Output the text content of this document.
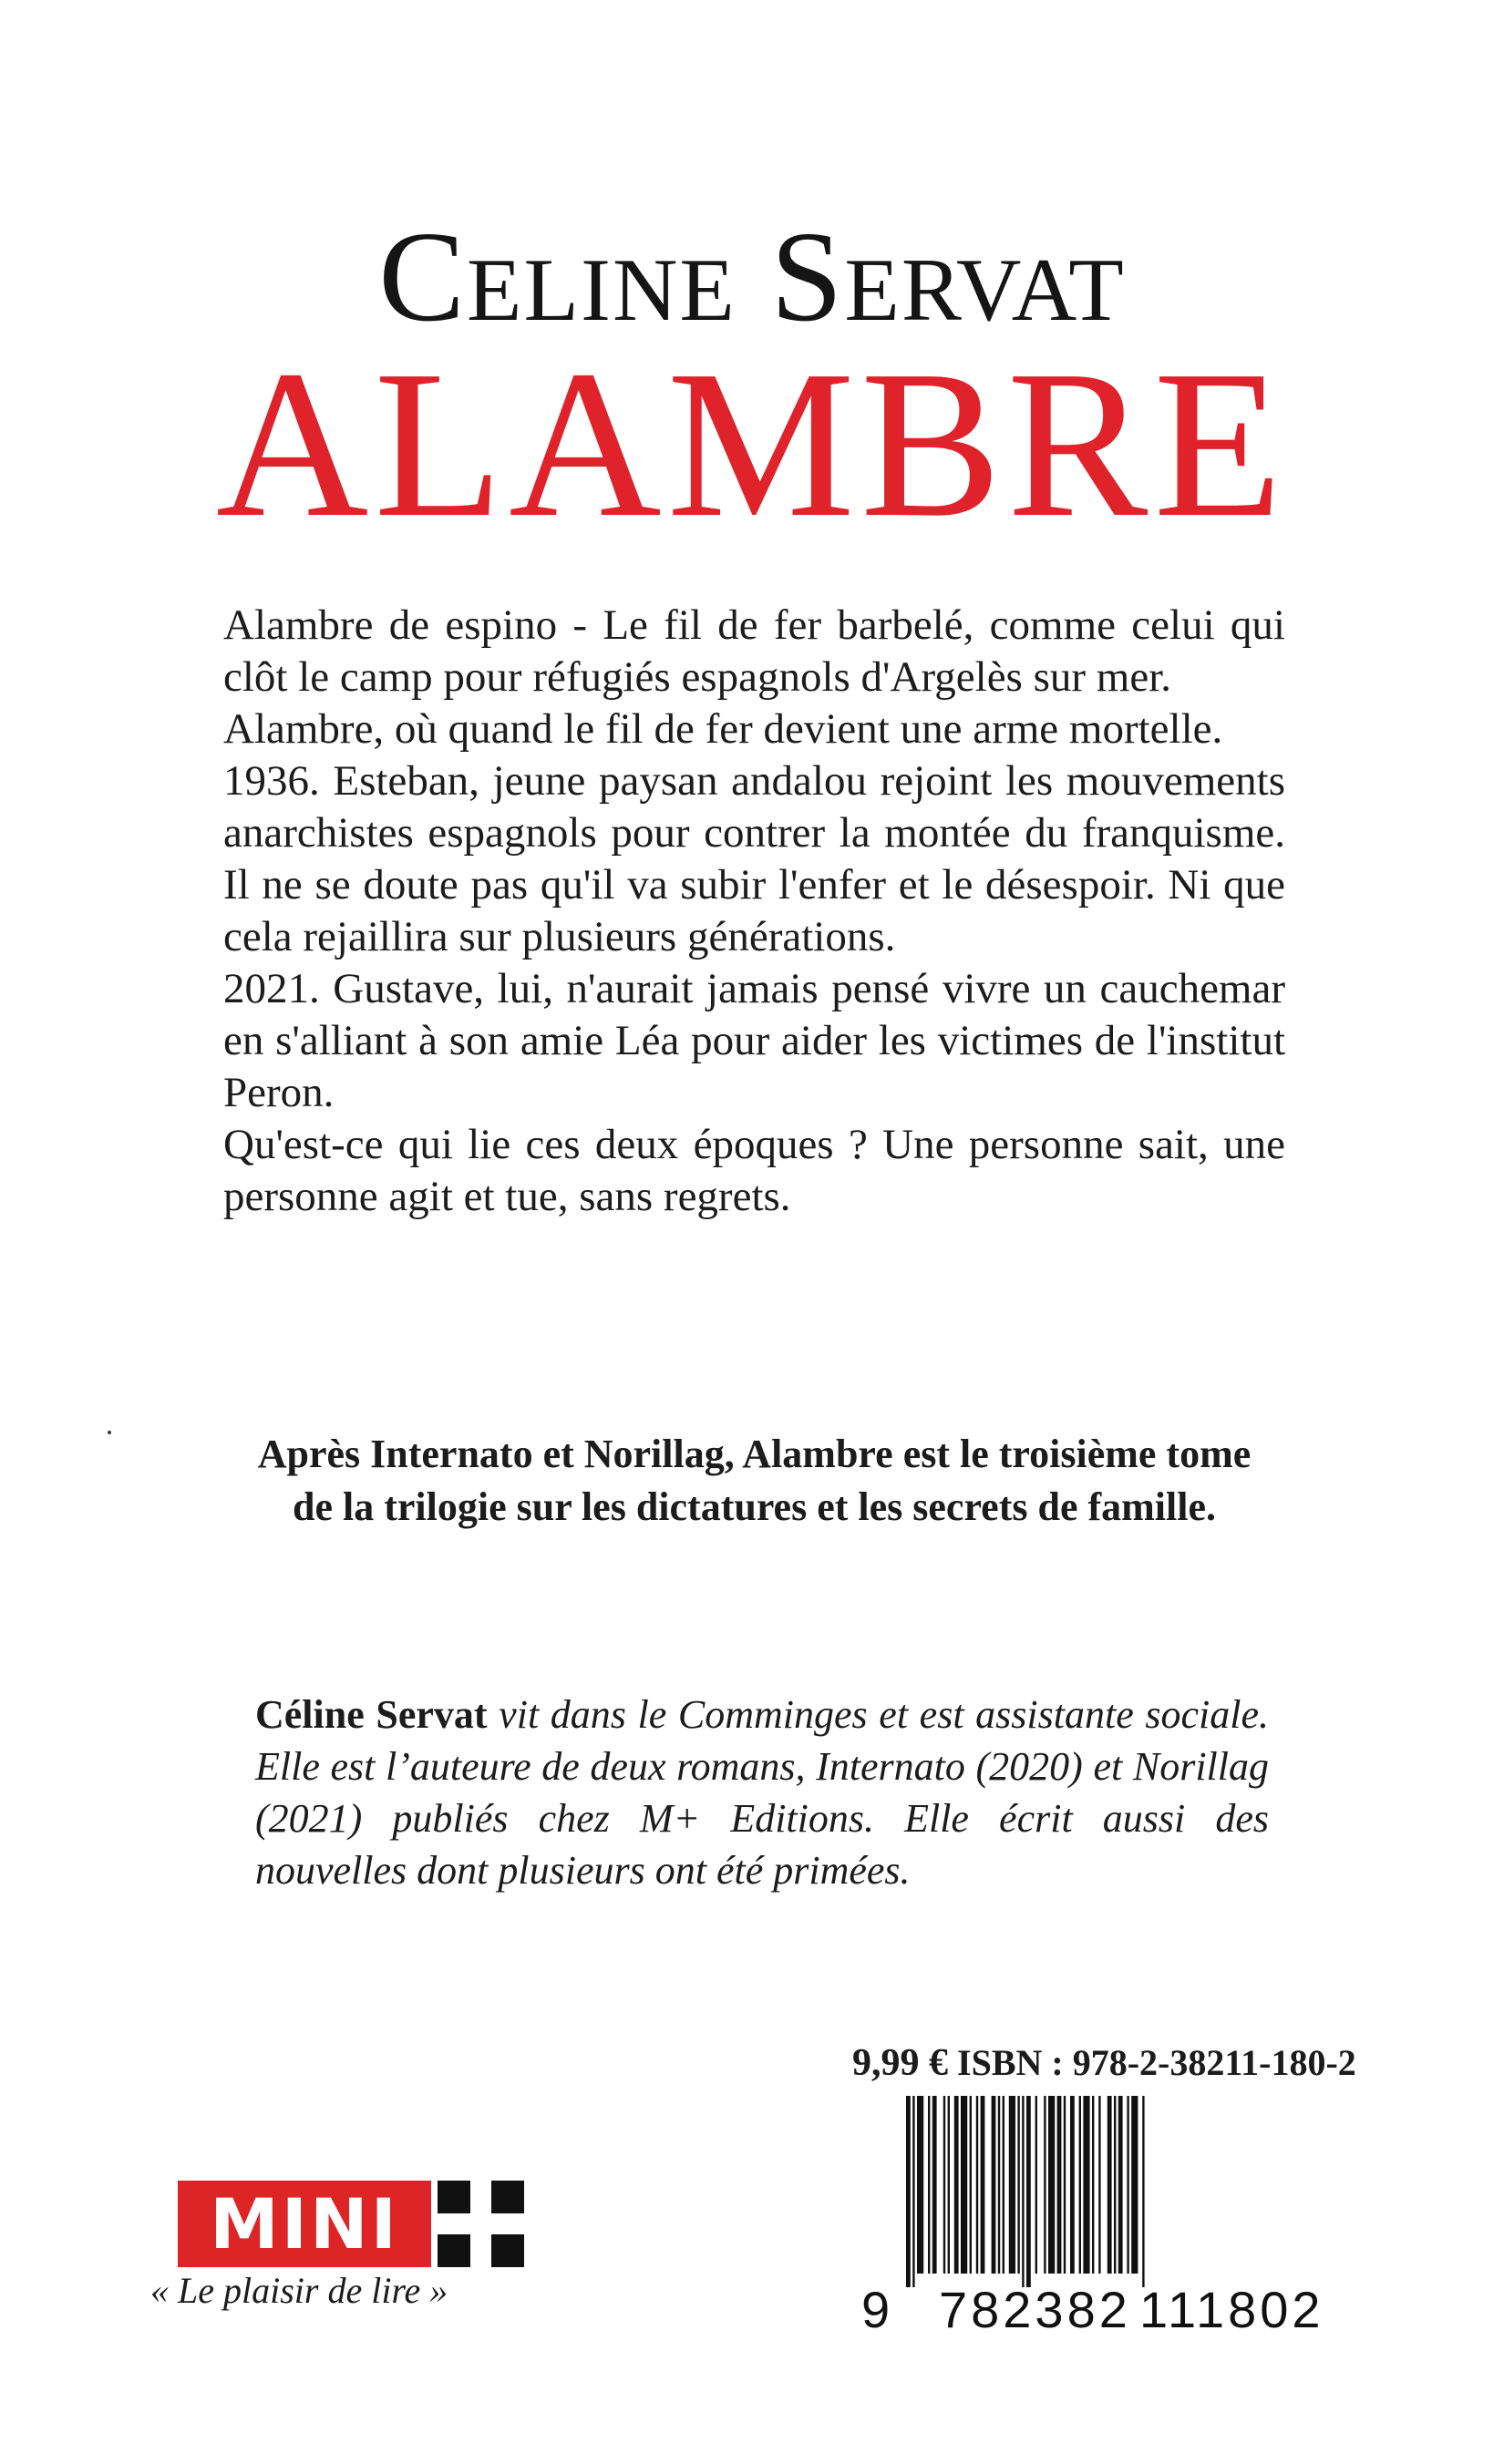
Celine Servat
ALAMBRE

Alambre de espino - Le fil de fer barbelé, comme celui qui clôt le camp pour réfugiés espagnols d'Argelès sur mer.

Alambre, où quand le fil de fer devient une arme mortelle.

1936. Esteban, jeune paysan andalou rejoint les mouvements anarchistes espagnols pour contrer la montée du franquisme. Il ne se doute pas qu'il va subir l'enfer et le désespoir. Ni que cela rejaillira sur plusieurs générations.

2021. Gustave, lui, n'aurait jamais pensé vivre un cauchemar en s'alliant à son amie Léa pour aider les victimes de l'institut Peron.

Qu'est-ce qui lie ces deux époques ? Une personne sait, une personne agit et tue, sans regrets.

Après Internato et Norillag, Alambre est le troisième tome de la trilogie sur les dictatures et les secrets de famille.
Céline Servat vit dans le Comminges et est assistante sociale. Elle est l’auteure de deux romans, Internato (2020) et Norillag (2021) publiés chez M+ Editions. Elle écrit aussi des nouvelles dont plusieurs ont été primées.
9,99 € ISBN : 978-2-38211-180-2
9 782382 111802
MINI
« Le plaisir de lire »
